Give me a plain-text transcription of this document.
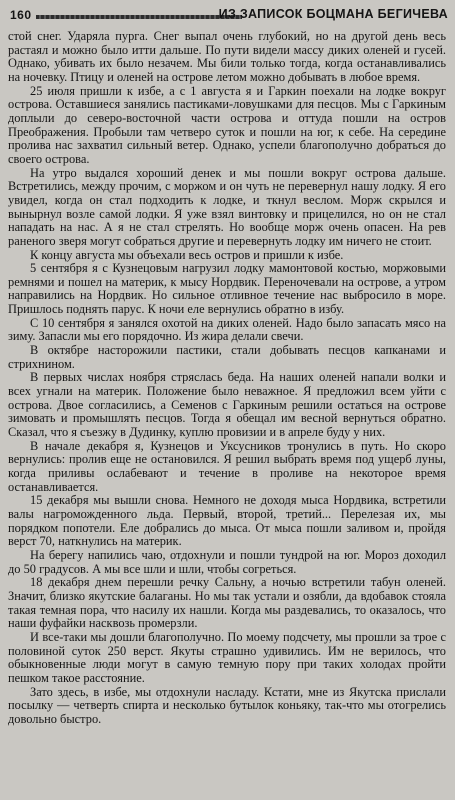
160	ИЗ ЗАПИСОК БОЦМАНА БЕГИЧЕВА

стой снег. Ударяла пурга. Снег выпал очень глубокий, но на другой день весь растаял и можно было итти дальше. По пути видели массу диких оленей и гусей. Однако, убивать их было незачем. Мы били только тогда, когда останавливались на ночевку. Птицу и оленей на острове летом можно добывать в любое время.

25 июля пришли к избе, а с 1 августа я и Гаркин поехали на лодке вокруг острова. Оставшиеся занялись пастиками-ловушками для песцов. Мы с Гаркиным доплыли до северо-восточной части острова и оттуда пошли на остров Преображения. Пробыли там четверо суток и пошли на юг, к себе. На середине пролива нас захватил сильный ветер. Однако, успели благополучно добраться до своего острова.

На утро выдался хороший денек и мы пошли вокруг острова дальше. Встретились, между прочим, с моржом и он чуть не перевернул нашу лодку. Я его увидел, когда он стал подходить к лодке, и ткнул веслом. Морж скрылся и вынырнул возле самой лодки. Я уже взял винтовку и прицелился, но он не стал нападать на нас. А я не стал стрелять. Но вообще морж очень опасен. На рев раненого зверя могут собраться другие и перевернуть лодку им ничего не стоит.

К концу августа мы объехали весь остров и пришли к избе.

5 сентября я с Кузнецовым нагрузил лодку мамонтовой костью, моржовыми ремнями и пошел на материк, к мысу Нордвик. Переночевали на острове, а утром направились на Нордвик. Но сильное отливное течение нас выбросило в море. Пришлось поднять парус. К ночи еле вернулись обратно в избу.

С 10 сентября я занялся охотой на диких оленей. Надо было запасать мясо на зиму. Запасли мы его порядочно. Из жира делали свечи.

В октябре насторожили пастики, стали добывать песцов капканами и стрихнином.

В первых числах ноября стряслась беда. На наших оленей напали волки и всех угнали на материк. Положение было неважное. Я предложил всем уйти с острова. Двое согласились, а Семенов с Гаркиным решили остаться на острове зимовать и промышлять песцов. Тогда я обещал им весной вернуться обратно. Сказал, что я съезжу в Дудинку, куплю провизии и в апреле буду у них.

В начале декабря я, Кузнецов и Уксусников тронулись в путь. Но скоро вернулись: пролив еще не остановился. Я решил выбрать время под ущерб луны, когда приливы ослабевают и течение в проливе на некоторое время останавливается.

15 декабря мы вышли снова. Немного не доходя мыса Нордвика, встретили валы нагроможденного льда. Первый, второй, третий... Перелезая их, мы порядком попотели. Еле добрались до мыса. От мыса пошли заливом и, пройдя верст 70, наткнулись на материк.

На берегу напились чаю, отдохнули и пошли тундрой на юг. Мороз доходил до 50 градусов. А мы все шли и шли, чтобы согреться.

18 декабря днем перешли речку Сальну, а ночью встретили табун оленей. Значит, близко якутские балаганы. Но мы так устали и озябли, да вдобавок стояла такая темная пора, что насилу их нашли. Когда мы раздевались, то оказалось, что наши фуфайки насквозь промерзли.

И все-таки мы дошли благополучно. По моему подсчету, мы прошли за трое с половиной суток 250 верст. Якуты страшно удивились. Им не верилось, что обыкновенные люди могут в самую темную пору при таких холодах пройти пешком такое расстояние.

Зато здесь, в избе, мы отдохнули насладу. Кстати, мне из Якутска прислали посылку — четверть спирта и несколько бутылок коньяку, так-что мы отогрелись довольно быстро.
